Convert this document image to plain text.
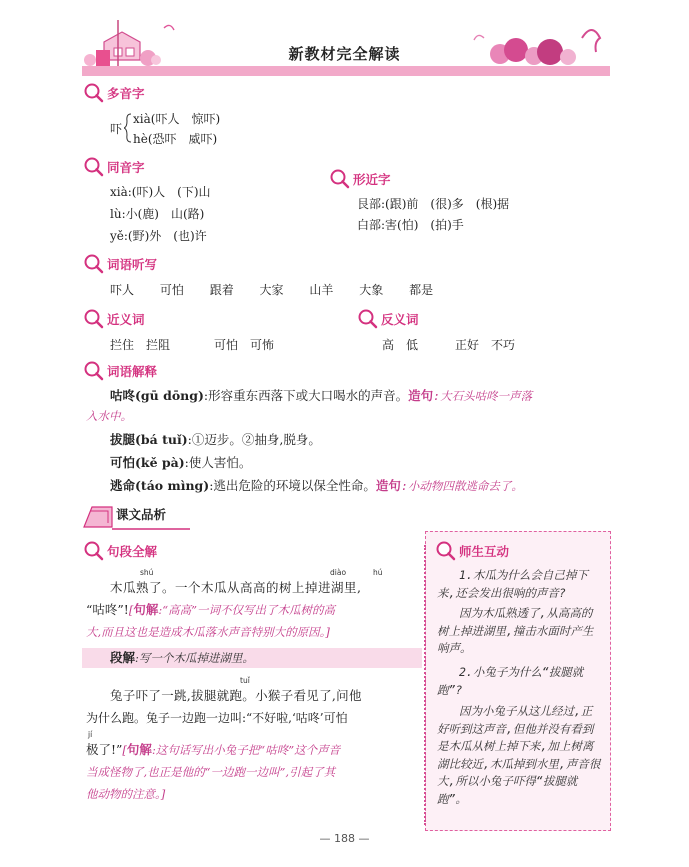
新教材完全解读
多音字
吓
xià(吓人　惊吓)
hè(恐吓　威吓)
同音字
xià:(吓)人　(下)山
lù:小(鹿)　山(路)
yě:(野)外　(也)许
形近字
艮部:(跟)前　(很)多　(根)据
白部:害(怕)　(拍)手
词语听写
吓人 可怕 跟着 大家 山羊 大象 都是
近义词
拦住　拦阻	可怕　可怖
反义词
高　低	正好　不巧
词语解释
咕咚(gū dōng):形容重东西落下或大口喝水的声音。造句:大石头咕咚一声落
入水中。
拔腿(bá tuǐ):①迈步。②抽身,脱身。
可怕(kě pà):使人害怕。
逃命(táo mìng):逃出危险的环境以保全性命。造句:小动物四散逃命去了。
课文品析
句段全解
shú	diào	hú
木瓜熟了。一个木瓜从高高的树上掉进湖里,
“咕咚”![句解:“高高”一词不仅写出了木瓜树的高
大,而且这也是造成木瓜落水声音特别大的原因。]
段解:写一个木瓜掉进湖里。
tuǐ
兔子吓了一跳,拔腿就跑。小猴子看见了,问他
为什么跑。兔子一边跑一边叫:“不好啦,‘咕咚’可怕
jí
极了!”[句解:这句话写出小兔子把“咕咚”这个声音
当成怪物了,也正是他的“一边跑一边叫”,引起了其
他动物的注意。]
师生互动
1.木瓜为什么会自己掉下来,还会发出很响的声音?
因为木瓜熟透了,从高高的树上掉进湖里,撞击水面时产生响声。
2.小兔子为什么“拔腿就跑”?
因为小兔子从这儿经过,正好听到这声音,但他并没有看到是木瓜从树上掉下来,加上树离湖比较近,木瓜掉到水里,声音很大,所以小兔子吓得“拔腿就跑”。
— 188 —
